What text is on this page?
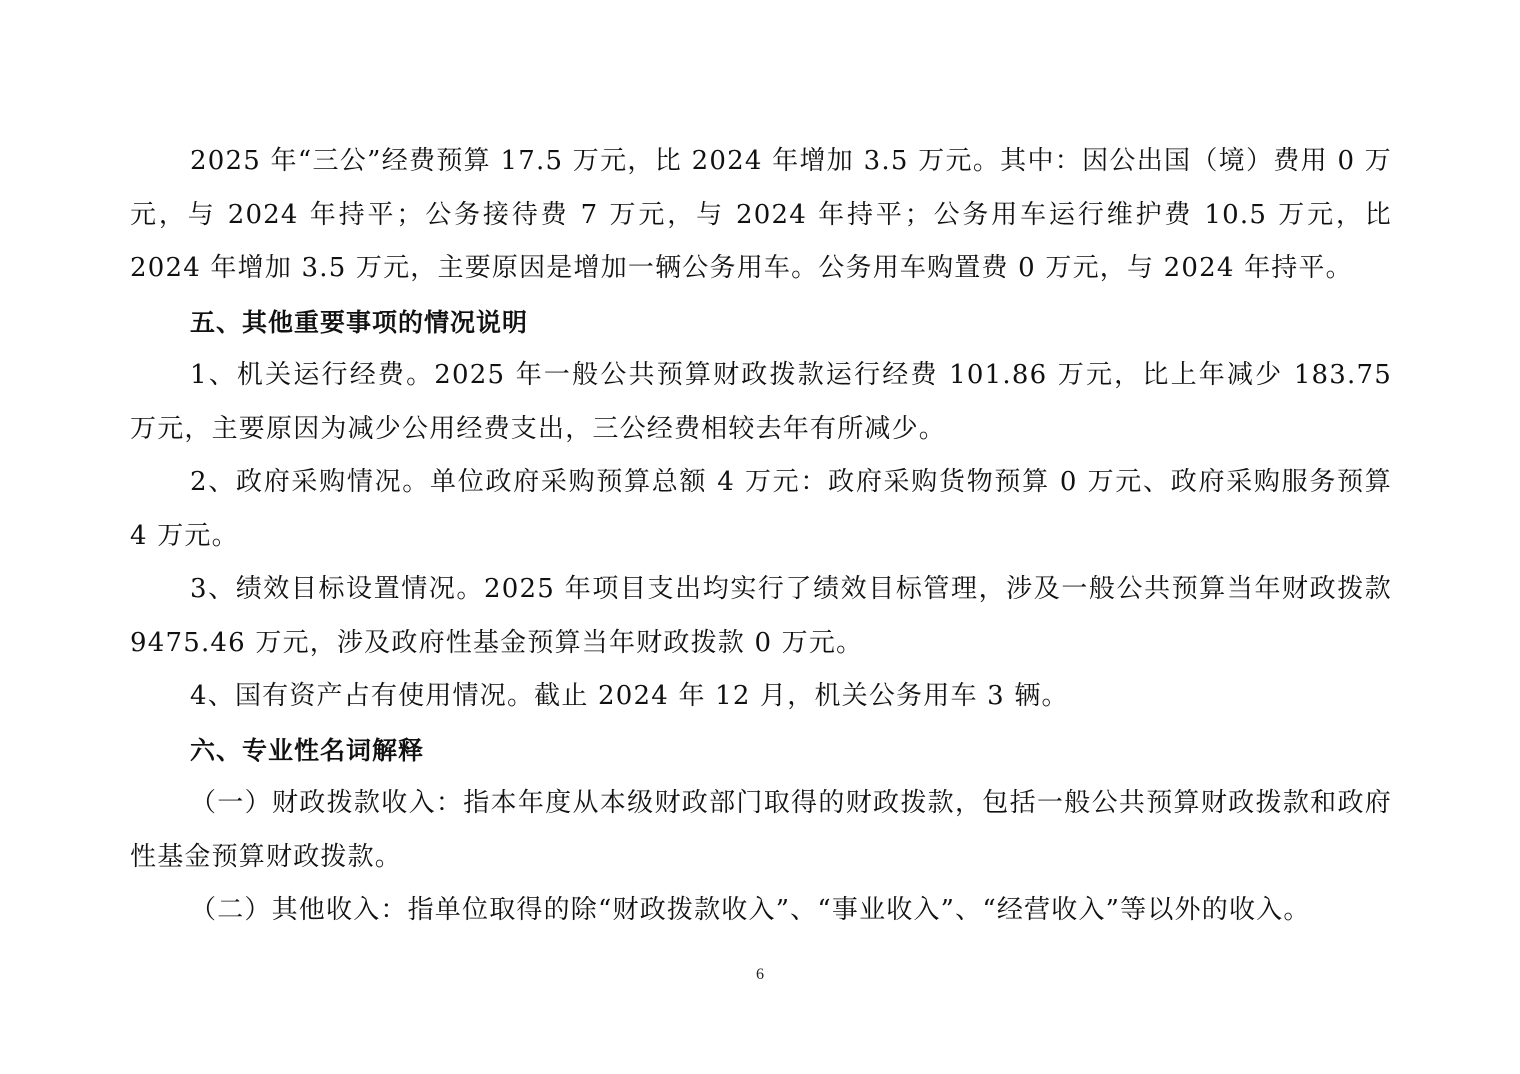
2025 年“三公”经费预算 17.5 万元，比 2024 年增加 3.5 万元。其中：因公出国（境）费用 0 万元，与 2024 年持平；公务接待费 7 万元，与 2024 年持平；公务用车运行维护费 10.5 万元，比 2024 年增加 3.5 万元，主要原因是增加一辆公务用车。公务用车购置费 0 万元，与 2024 年持平。

五、其他重要事项的情况说明

1、机关运行经费。2025 年一般公共预算财政拨款运行经费 101.86 万元，比上年减少 183.75 万元，主要原因为减少公用经费支出，三公经费相较去年有所减少。

2、政府采购情况。单位政府采购预算总额 4 万元：政府采购货物预算 0 万元、政府采购服务预算 4 万元。

3、绩效目标设置情况。2025 年项目支出均实行了绩效目标管理，涉及一般公共预算当年财政拨款 9475.46 万元，涉及政府性基金预算当年财政拨款 0 万元。

4、国有资产占有使用情况。截止 2024 年 12 月，机关公务用车 3 辆。

六、专业性名词解释

（一）财政拨款收入：指本年度从本级财政部门取得的财政拨款，包括一般公共预算财政拨款和政府性基金预算财政拨款。

（二）其他收入：指单位取得的除“财政拨款收入”、“事业收入”、“经营收入”等以外的收入。

6
